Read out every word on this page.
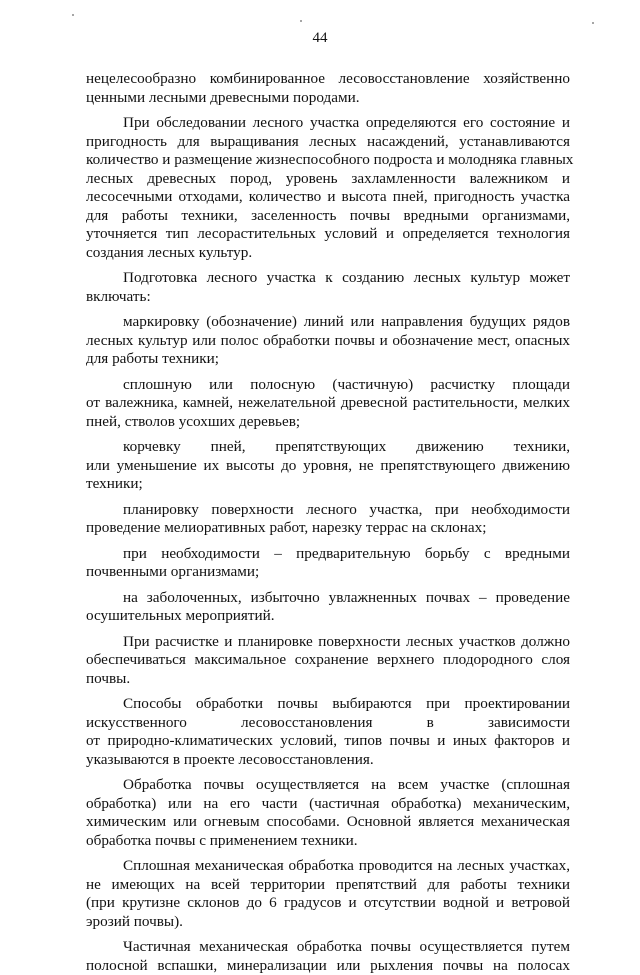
44
нецелесообразно комбинированное лесовосстановление хозяйственно
ценными лесными древесными породами.
При обследовании лесного участка определяются его состояние и
пригодность для выращивания лесных насаждений, устанавливаются
количество и размещение жизнеспособного подроста и молодняка главных
лесных древесных пород, уровень захламленности валежником и
лесосечными отходами, количество и высота пней, пригодность участка
для работы техники, заселенность почвы вредными организмами,
уточняется тип лесорастительных условий и определяется технология
создания лесных культур.
Подготовка лесного участка к созданию лесных культур может
включать:
маркировку (обозначение) линий или направления будущих рядов
лесных культур или полос обработки почвы и обозначение мест, опасных
для работы техники;
сплошную или полосную (частичную) расчистку площади
от валежника, камней, нежелательной древесной растительности, мелких
пней, стволов усохших деревьев;
корчевку пней, препятствующих движению техники,
или уменьшение их высоты до уровня, не препятствующего движению
техники;
планировку поверхности лесного участка, при необходимости
проведение мелиоративных работ, нарезку террас на склонах;
при необходимости – предварительную борьбу с вредными
почвенными организмами;
на заболоченных, избыточно увлажненных почвах – проведение
осушительных мероприятий.
При расчистке и планировке поверхности лесных участков должно
обеспечиваться максимальное сохранение верхнего плодородного слоя
почвы.
Способы обработки почвы выбираются при проектировании
искусственного лесовосстановления в зависимости
от природно-климатических условий, типов почвы и иных факторов и
указываются в проекте лесовосстановления.
Обработка почвы осуществляется на всем участке (сплошная
обработка) или на его части (частичная обработка) механическим,
химическим или огневым способами. Основной является механическая
обработка почвы с применением техники.
Сплошная механическая обработка проводится на лесных участках,
не имеющих на всей территории препятствий для работы техники
(при крутизне склонов до 6 градусов и отсутствии водной и ветровой
эрозий почвы).
Частичная механическая обработка почвы осуществляется путем
полосной вспашки, минерализации или рыхления почвы на полосах
